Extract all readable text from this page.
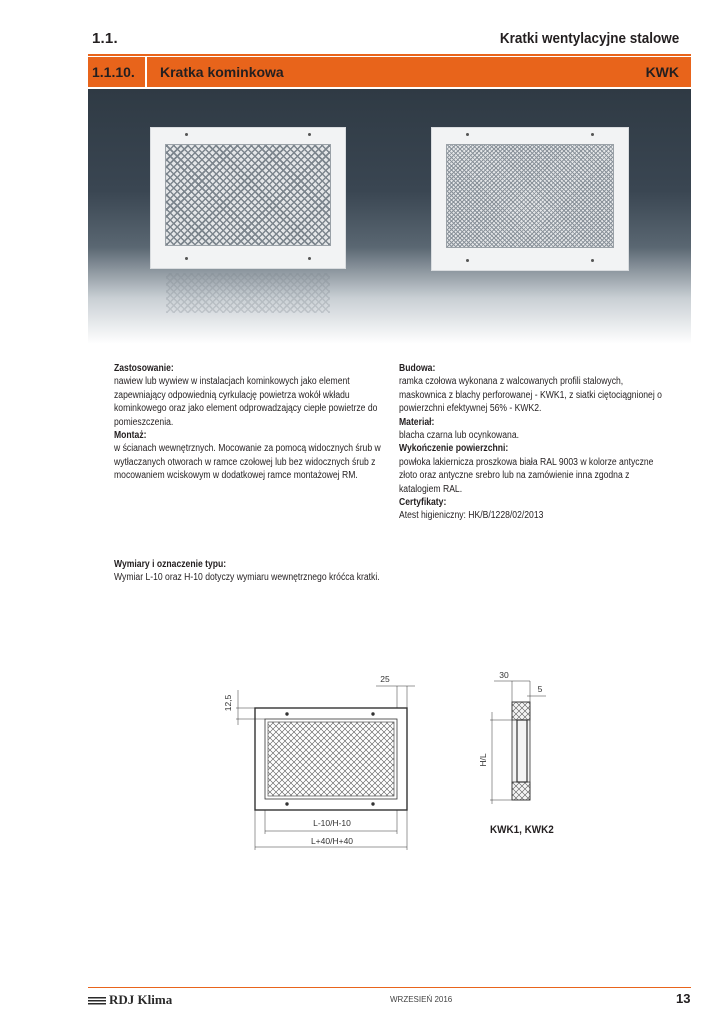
1.1.	Kratki wentylacyjne stalowe
1.1.10. Kratka kominkowa	KWK
Zastosowanie:

nawiew lub wywiew w instalacjach kominkowych jako element zapewniający odpowiednią cyrkulację powietrza wokół wkładu kominkowego oraz jako element odprowadzający ciepłe powietrze do pomieszczenia.

Montaż:

w ścianach wewnętrznych. Mocowanie za pomocą widocznych śrub w wytłaczanych otworach w ramce czołowej lub bez widocznych śrub z mocowaniem wciskowym w dodatkowej ramce montażowej RM.

Budowa:

ramka czołowa wykonana z walcowanych profili stalowych, maskownica z blachy perforowanej - KWK1, z siatki ciętociągnionej o powierzchni efektywnej 56% - KWK2.

Materiał:

blacha czarna lub ocynkowana.

Wykończenie powierzchni:

powłoka lakiernicza proszkowa biała RAL 9003 w kolorze antyczne złoto oraz antyczne srebro lub na zamówienie inna zgodna z katalogiem RAL.

Certyfikaty:

Atest higieniczny: HK/B/1228/02/2013

Wymiary i oznaczenie typu:

Wymiar L-10 oraz H-10 dotyczy wymiaru wewnętrznego króćca kratki.

12,5
25
L-10/H-10
L+40/H+40
30
5
H/L
KWK1, KWK2
RDJ Klima	WRZESIEŃ 2016	13
